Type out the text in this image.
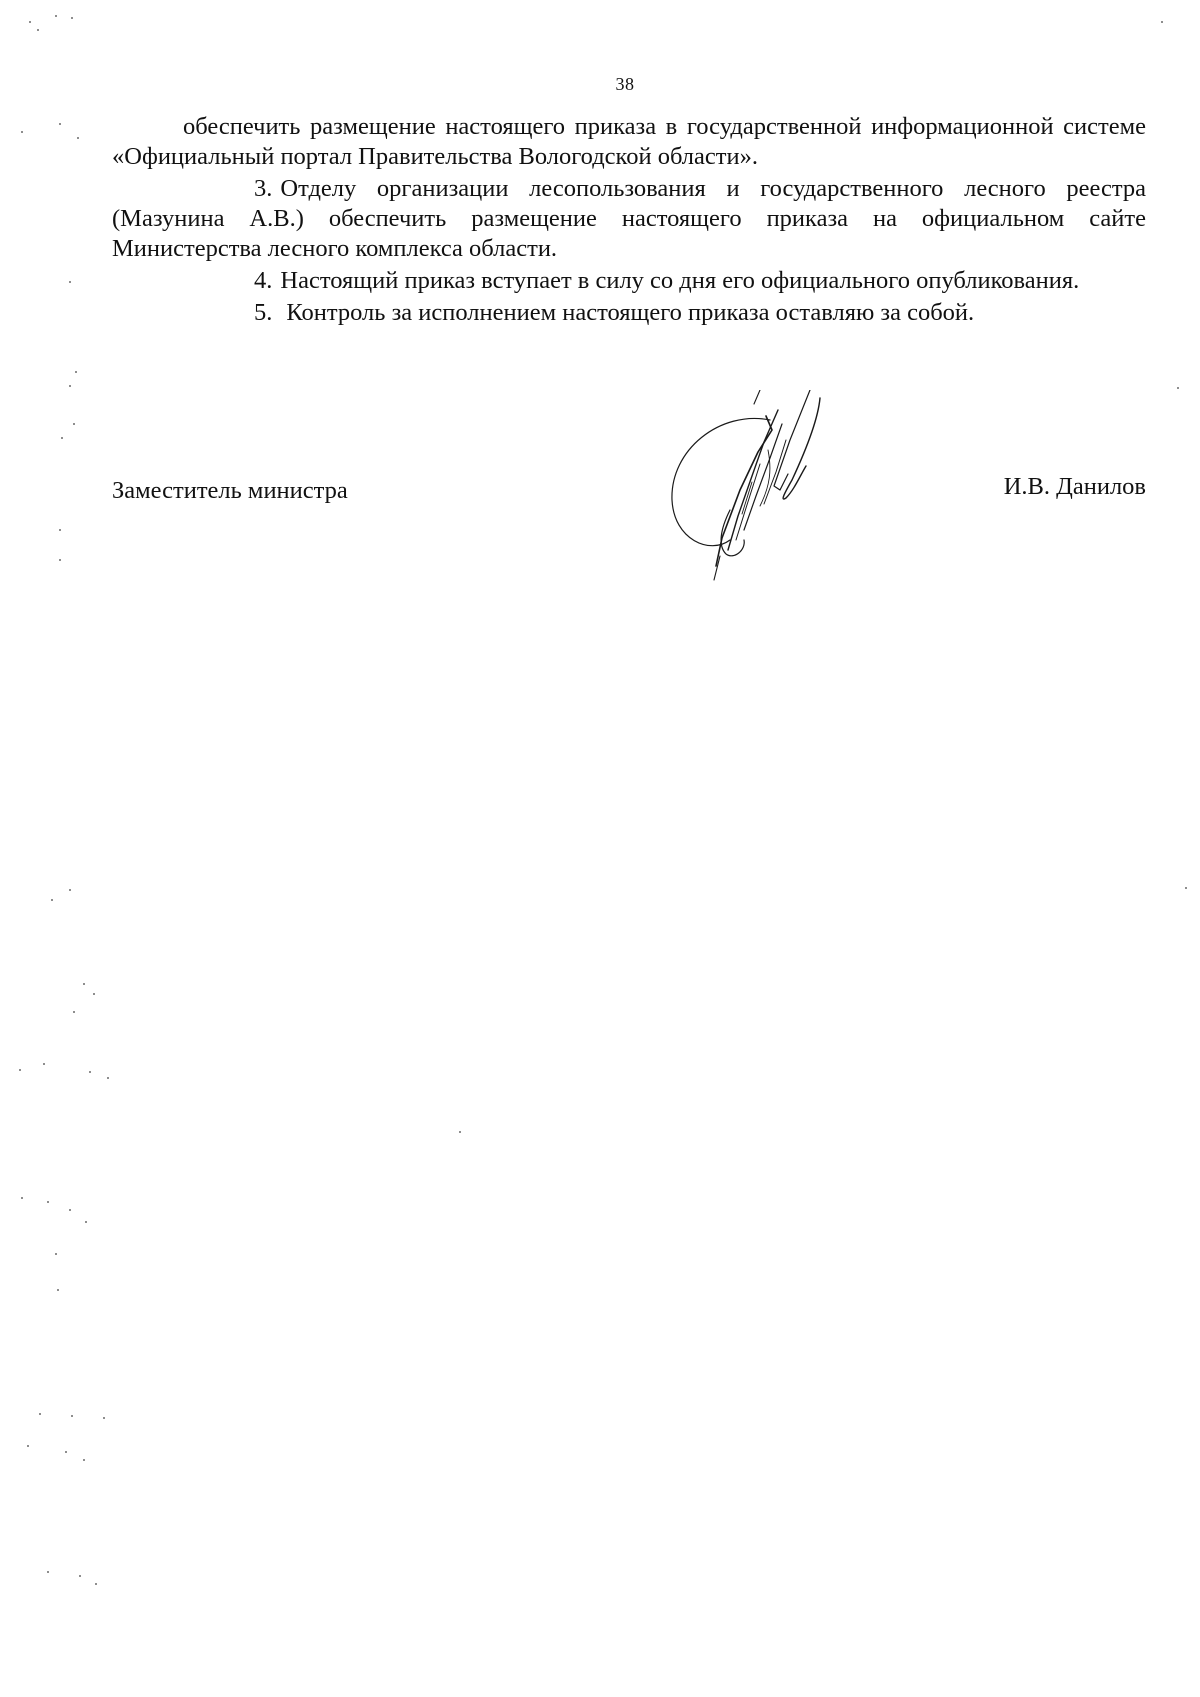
38

обеспечить размещение настоящего приказа в государственной информационной системе «Официальный портал Правительства Вологодской области».

3. Отделу организации лесопользования и государственного лесного реестра (Мазунина А.В.) обеспечить размещение настоящего приказа на официальном сайте Министерства лесного комплекса области.

4. Настоящий приказ вступает в силу со дня его официального опубликования.

5. Контроль за исполнением настоящего приказа оставляю за собой.

Заместитель министра	И.В. Данилов
